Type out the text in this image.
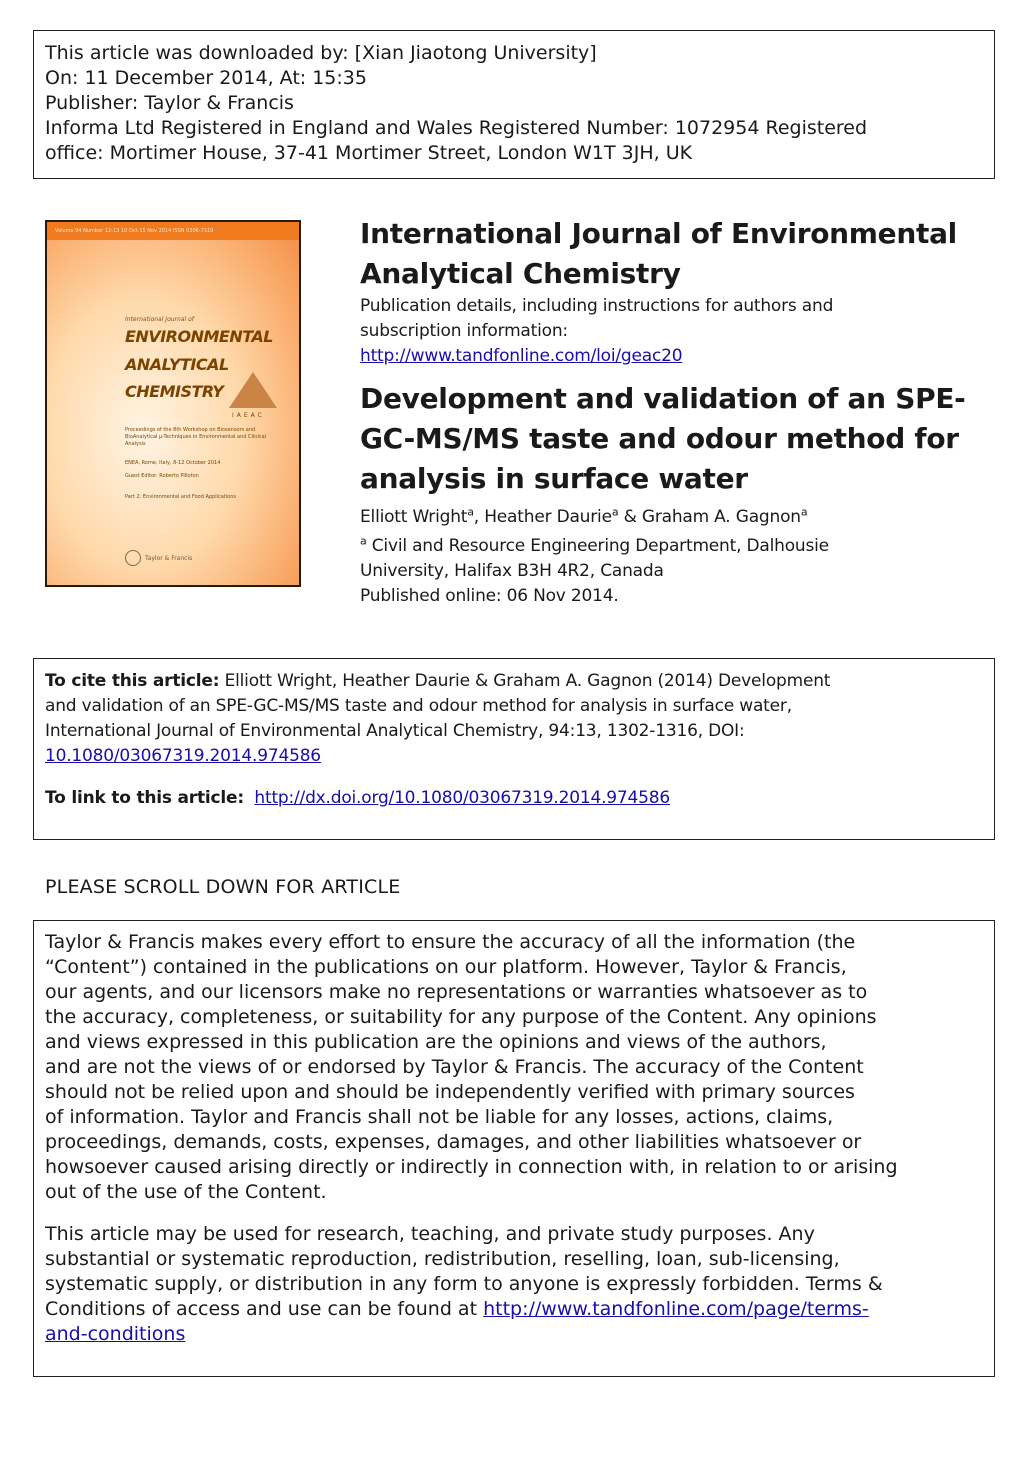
This article was downloaded by: [Xian Jiaotong University]
On: 11 December 2014, At: 15:35
Publisher: Taylor & Francis
Informa Ltd Registered in England and Wales Registered Number: 1072954 Registered
office: Mortimer House, 37-41 Mortimer Street, London W1T 3JH, UK
Volume 94 Number 12-13 10 Oct-15 Nov 2014 ISSN 0306-7319
International Journal of
ENVIRONMENTAL
ANALYTICAL
CHEMISTRY
IAEAC
Proceedings of the 8th Workshop on Biosensors and BioAnalytical µ-Techniques in Environmental and Clinical Analysis
ENEA, Rome, Italy, 8-12 October 2014
Guest Editor: Roberto Pilloton
Part 2: Environmental and Food Applications
Taylor & Francis
International Journal of Environmental
Analytical Chemistry
Publication details, including instructions for authors and
subscription information:
http://www.tandfonline.com/loi/geac20
Development and validation of an SPE-
GC-MS/MS taste and odour method for
analysis in surface water
Elliott Wright$^a$, Heather Daurie$^a$ & Graham A. Gagnon$^a$
$^a$ Civil and Resource Engineering Department, Dalhousie
University, Halifax B3H 4R2, Canada
Published online: 06 Nov 2014.
To cite this article: Elliott Wright, Heather Daurie & Graham A. Gagnon (2014) Development
and validation of an SPE-GC-MS/MS taste and odour method for analysis in surface water,
International Journal of Environmental Analytical Chemistry, 94:13, 1302-1316, DOI:
10.1080/03067319.2014.974586
To link to this article: http://dx.doi.org/10.1080/03067319.2014.974586
PLEASE SCROLL DOWN FOR ARTICLE

Taylor & Francis makes every effort to ensure the accuracy of all the information (the
“Content”) contained in the publications on our platform. However, Taylor & Francis,
our agents, and our licensors make no representations or warranties whatsoever as to
the accuracy, completeness, or suitability for any purpose of the Content. Any opinions
and views expressed in this publication are the opinions and views of the authors,
and are not the views of or endorsed by Taylor & Francis. The accuracy of the Content
should not be relied upon and should be independently verified with primary sources
of information. Taylor and Francis shall not be liable for any losses, actions, claims,
proceedings, demands, costs, expenses, damages, and other liabilities whatsoever or
howsoever caused arising directly or indirectly in connection with, in relation to or arising
out of the use of the Content.

This article may be used for research, teaching, and private study purposes. Any
substantial or systematic reproduction, redistribution, reselling, loan, sub-licensing,
systematic supply, or distribution in any form to anyone is expressly forbidden. Terms &
Conditions of access and use can be found at http://www.tandfonline.com/page/terms-
and-conditions
